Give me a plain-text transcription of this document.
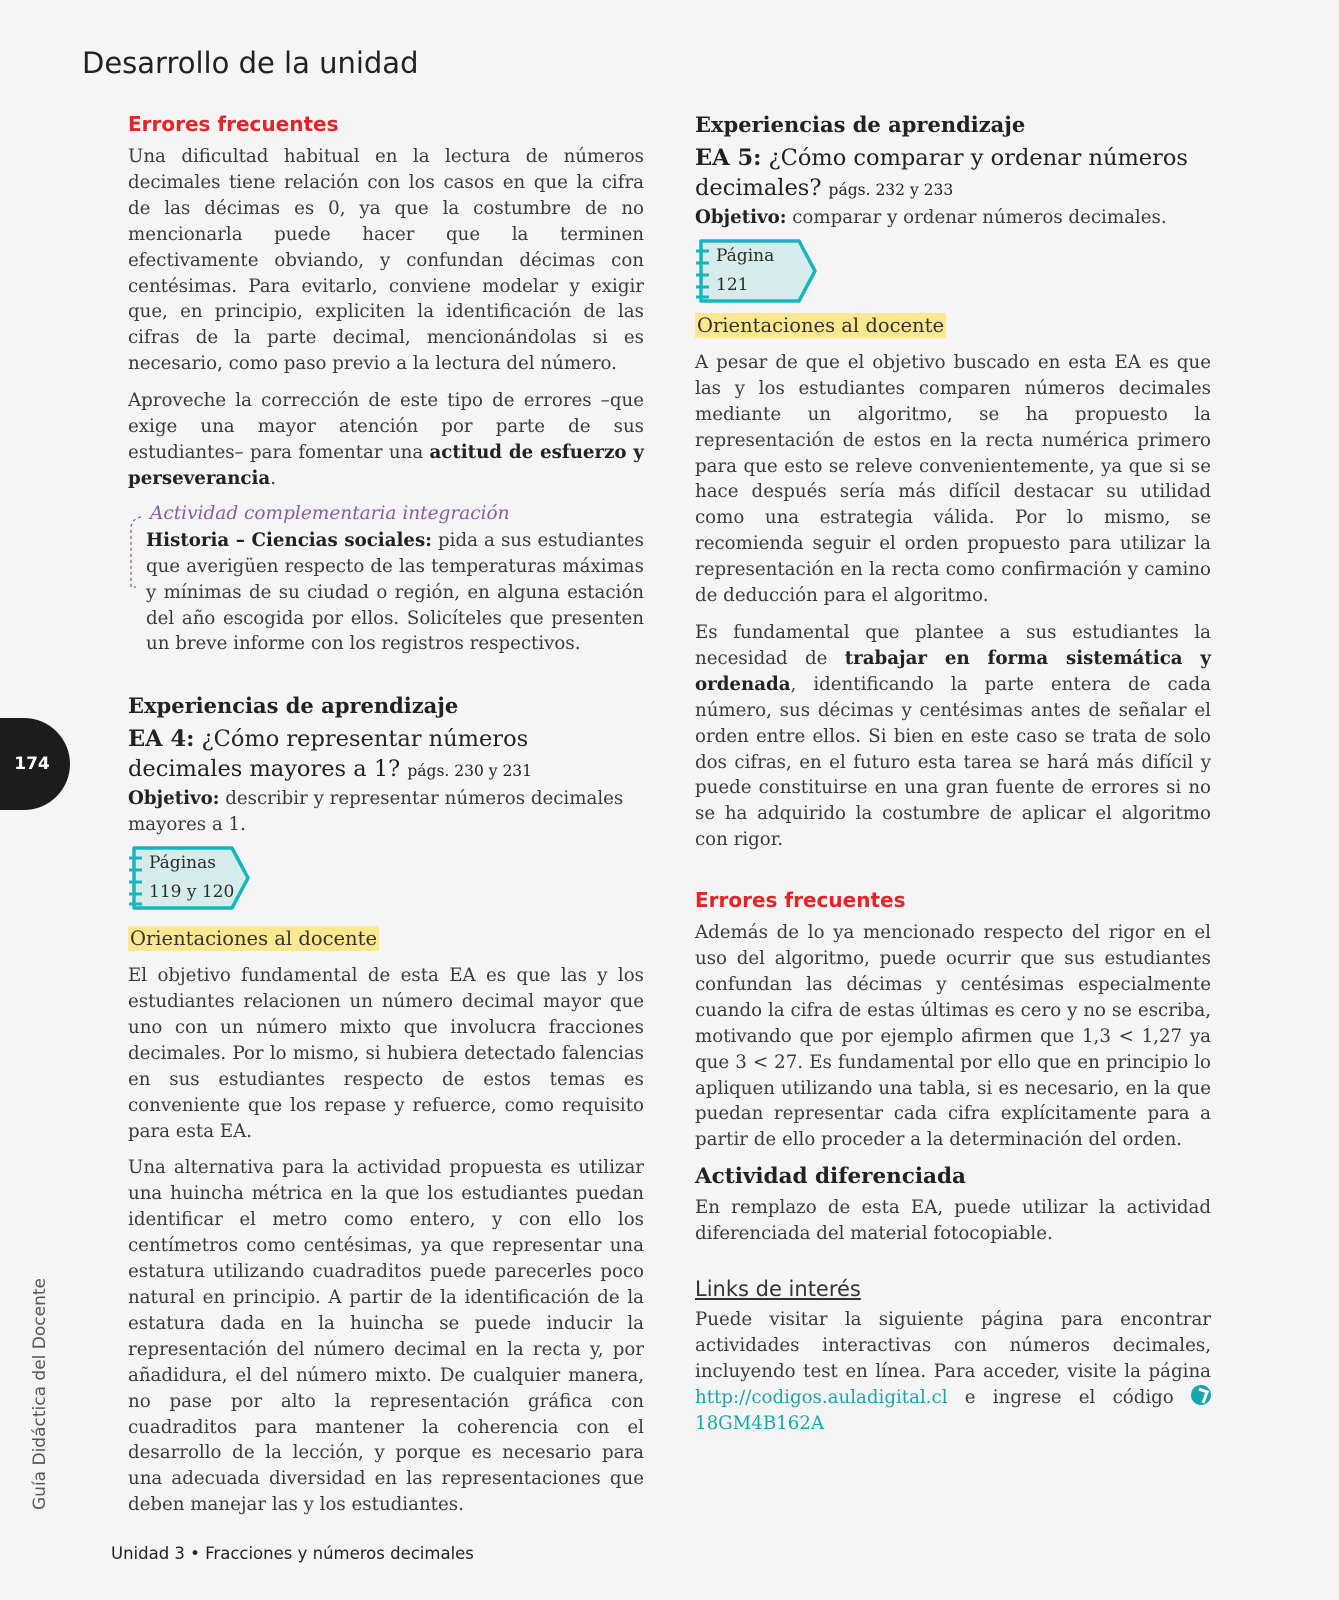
Desarrollo de la unidad
Errores frecuentes

Una dificultad habitual en la lectura de números decimales tiene relación con los casos en que la cifra de las décimas es 0, ya que la costumbre de no mencionarla puede hacer que la terminen efectivamente obviando, y confundan décimas con centésimas. Para evitarlo, conviene modelar y exigir que, en principio, expliciten la identificación de las cifras de la parte decimal, mencionándolas si es necesario, como paso previo a la lectura del número.

Aproveche la corrección de este tipo de errores –que exige una mayor atención por parte de sus estudiantes– para fomentar una actitud de esfuerzo y perseverancia.

Actividad complementaria integración

Historia – Ciencias sociales: pida a sus estudiantes que averigüen respecto de las temperaturas máximas y mínimas de su ciudad o región, en alguna estación del año escogida por ellos. Solicíteles que presenten un breve informe con los registros respectivos.

Experiencias de aprendizaje

EA 4: ¿Cómo representar números decimales mayores a 1? págs. 230 y 231

Objetivo: describir y representar números decimales mayores a 1.

Páginas
119 y 120
Orientaciones al docente

El objetivo fundamental de esta EA es que las y los estudiantes relacionen un número decimal mayor que uno con un número mixto que involucra fracciones decimales. Por lo mismo, si hubiera detectado falencias en sus estudiantes respecto de estos temas es conveniente que los repase y refuerce, como requisito para esta EA.

Una alternativa para la actividad propuesta es utilizar una huincha métrica en la que los estudiantes puedan identificar el metro como entero, y con ello los centímetros como centésimas, ya que representar una estatura utilizando cuadraditos puede parecerles poco natural en principio. A partir de la identificación de la estatura dada en la huincha se puede inducir la representación del número decimal en la recta y, por añadidura, el del número mixto. De cualquier manera, no pase por alto la representación gráfica con cuadraditos para mantener la coherencia con el desarrollo de la lección, y porque es necesario para una adecuada diversidad en las representaciones que deben manejar las y los estudiantes.

Experiencias de aprendizaje

EA 5: ¿Cómo comparar y ordenar números decimales? págs. 232 y 233

Objetivo: comparar y ordenar números decimales.

Página
121
Orientaciones al docente

A pesar de que el objetivo buscado en esta EA es que las y los estudiantes comparen números decimales mediante un algoritmo, se ha propuesto la representación de estos en la recta numérica primero para que esto se releve convenientemente, ya que si se hace después sería más difícil destacar su utilidad como una estrategia válida. Por lo mismo, se recomienda seguir el orden propuesto para utilizar la representación en la recta como confirmación y camino de deducción para el algoritmo.

Es fundamental que plantee a sus estudiantes la necesidad de trabajar en forma sistemática y ordenada, identificando la parte entera de cada número, sus décimas y centésimas antes de señalar el orden entre ellos. Si bien en este caso se trata de solo dos cifras, en el futuro esta tarea se hará más difícil y puede constituirse en una gran fuente de errores si no se ha adquirido la costumbre de aplicar el algoritmo con rigor.

Errores frecuentes

Además de lo ya mencionado respecto del rigor en el uso del algoritmo, puede ocurrir que sus estudiantes confundan las décimas y centésimas especialmente cuando la cifra de estas últimas es cero y no se escriba, motivando que por ejemplo afirmen que 1,3 < 1,27 ya que 3 < 27. Es fundamental por ello que en principio lo apliquen utilizando una tabla, si es necesario, en la que puedan representar cada cifra explícitamente para a partir de ello proceder a la determinación del orden.

Actividad diferenciada

En remplazo de esta EA, puede utilizar la actividad diferenciada del material fotocopiable.

Links de interés

Puede visitar la siguiente página para encontrar actividades interactivas con números decimales, incluyendo test en línea. Para acceder, visite la página http://codigos.auladigital.cl e ingrese el código 18GM4B162A

174
Guía Didáctica del Docente
Unidad 3 • Fracciones y números decimales
